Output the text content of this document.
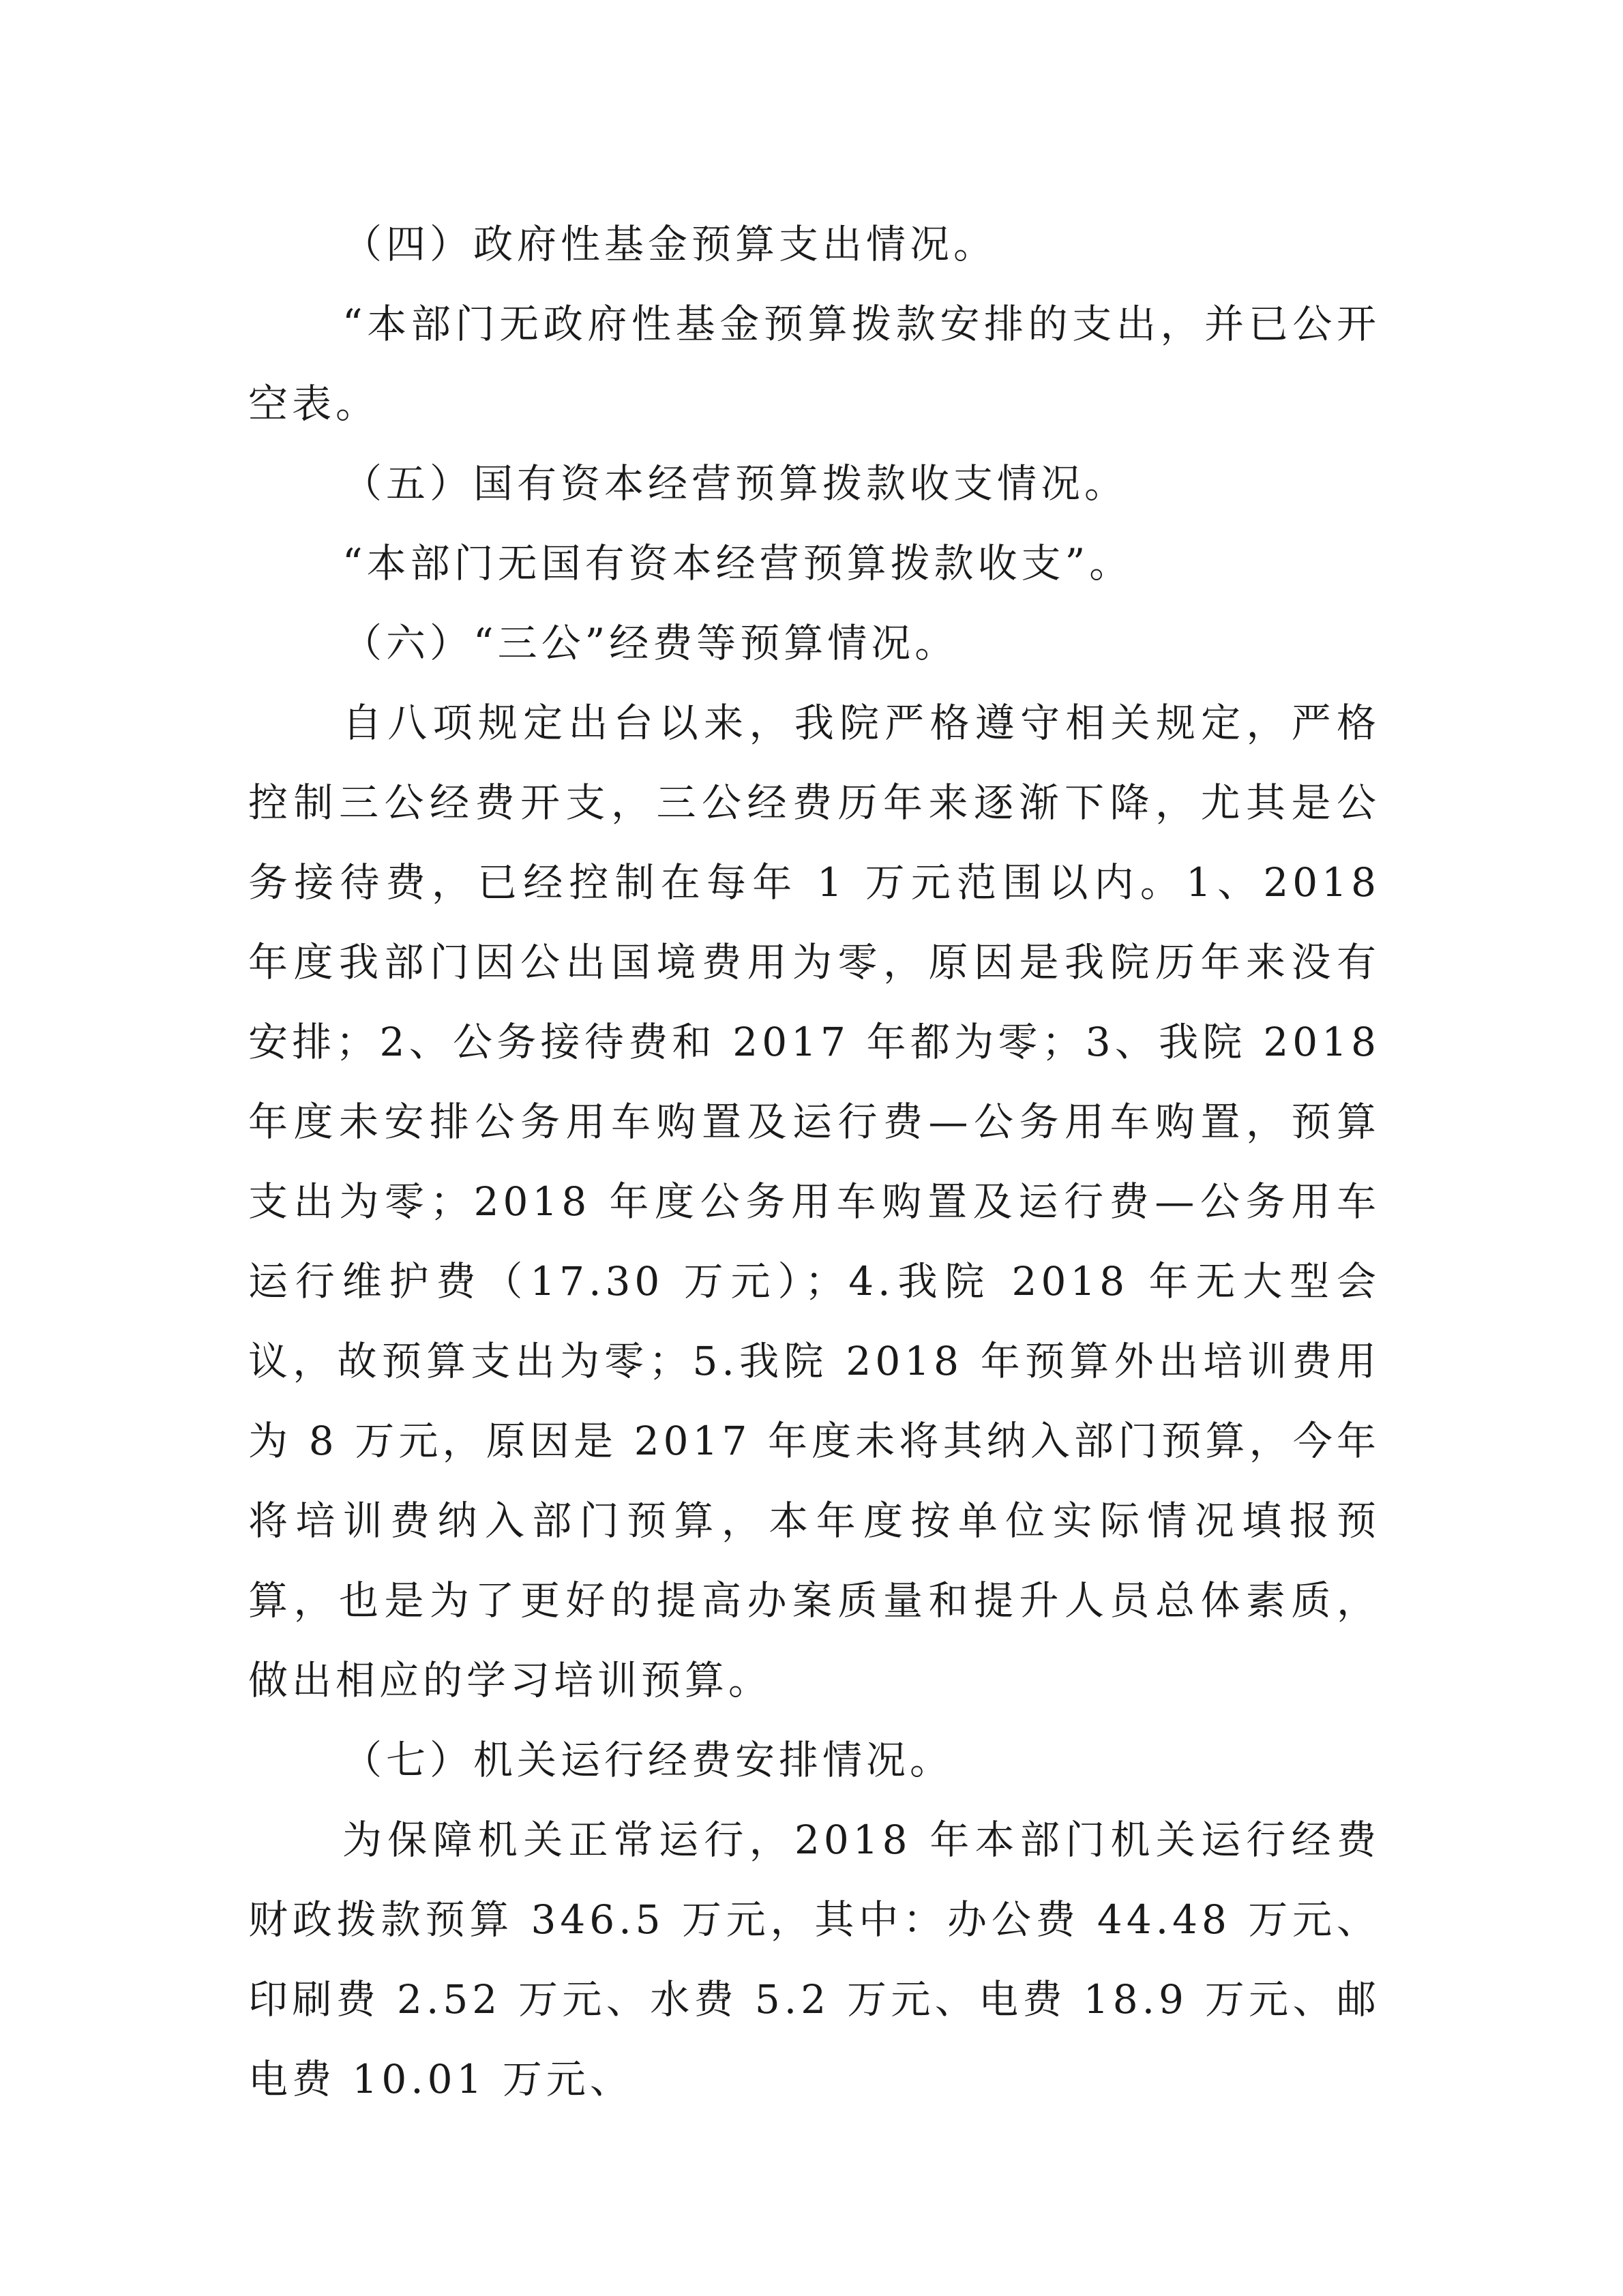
（四）政府性基金预算支出情况。

“本部门无政府性基金预算拨款安排的支出，并已公开空表。

（五）国有资本经营预算拨款收支情况。

“本部门无国有资本经营预算拨款收支”。

（六）“三公”经费等预算情况。

自八项规定出台以来，我院严格遵守相关规定，严格控制三公经费开支，三公经费历年来逐渐下降，尤其是公务接待费，已经控制在每年 1 万元范围以内。1、2018 年度我部门因公出国境费用为零，原因是我院历年来没有安排；2、公务接待费和 2017 年都为零；3、我院 2018 年度未安排公务用车购置及运行费—公务用车购置，预算支出为零；2018 年度公务用车购置及运行费—公务用车运行维护费（17.30 万元）；4.我院 2018 年无大型会议，故预算支出为零；5.我院 2018 年预算外出培训费用为 8 万元，原因是 2017 年度未将其纳入部门预算，今年将培训费纳入部门预算，本年度按单位实际情况填报预算，也是为了更好的提高办案质量和提升人员总体素质，做出相应的学习培训预算。

（七）机关运行经费安排情况。

为保障机关正常运行，2018 年本部门机关运行经费财政拨款预算 346.5 万元，其中：办公费 44.48 万元、印刷费 2.52 万元、水费 5.2 万元、电费 18.9 万元、邮电费 10.01 万元、
